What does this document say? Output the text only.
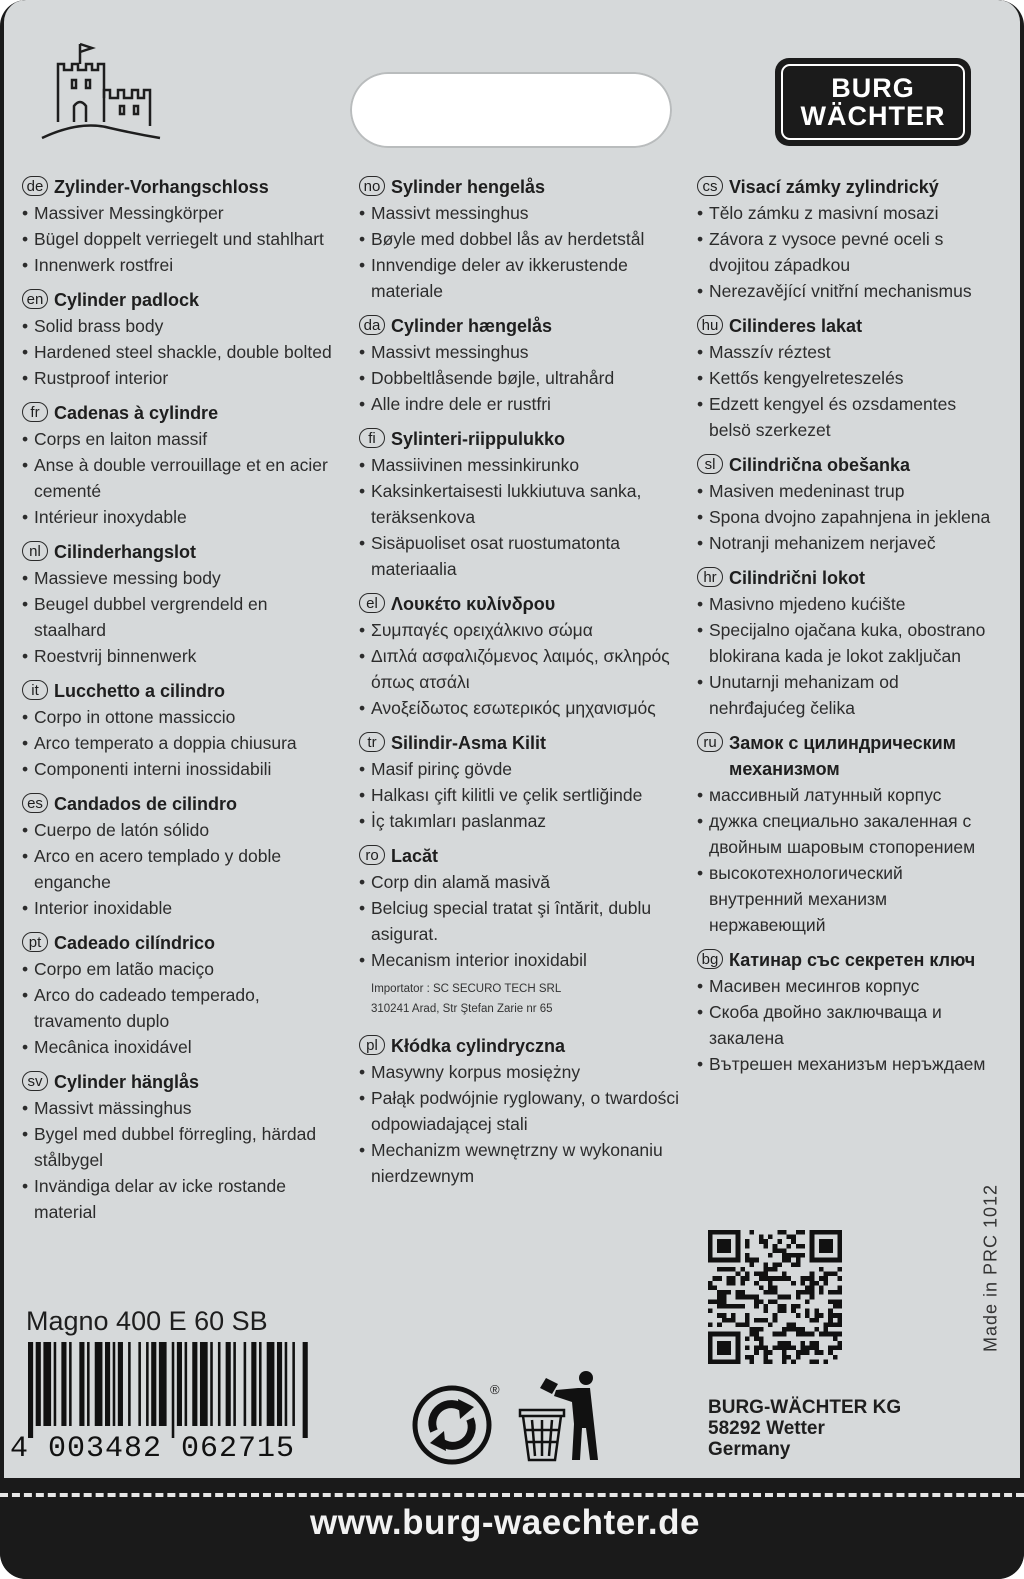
BURG
WÄCHTER
de Zylinder-Vorhangschloss
• Massiver Messingkörper
• Bügel doppelt verriegelt und stahlhart
• Innenwerk rostfrei
en Cylinder padlock
• Solid brass body
• Hardened steel shackle, double bolted
• Rustproof interior
fr Cadenas à cylindre
• Corps en laiton massif
• Anse à double verrouillage et en acier cementé
• Intérieur inoxydable
nl Cilinderhangslot
• Massieve messing body
• Beugel dubbel vergrendeld en staalhard
• Roestvrij binnenwerk
it Lucchetto a cilindro
• Corpo in ottone massiccio
• Arco temperato a doppia chiusura
• Componenti interni inossidabili
es Candados de cilindro
• Cuerpo de latón sólido
• Arco en acero templado y doble enganche
• Interior inoxidable
pt Cadeado cilíndrico
• Corpo em latão maciço
• Arco do cadeado temperado, travamento duplo
• Mecânica inoxidável
sv Cylinder hänglås
• Massivt mässinghus
• Bygel med dubbel förregling, härdad stålbygel
• Invändiga delar av icke rostande material
no Sylinder hengelås
• Massivt messinghus
• Bøyle med dobbel lås av herdetstål
• Innvendige deler av ikkerustende materiale
da Cylinder hængelås
• Massivt messinghus
• Dobbeltlåsende bøjle, ultrahård
• Alle indre dele er rustfri
fi Sylinteri-riippulukko
• Massiivinen messinkirunko
• Kaksinkertaisesti lukkiutuva sanka, teräksenkova
• Sisäpuoliset osat ruostumatonta materiaalia
el Λουκέτο κυλίνδρου
• Συμπαγές ορειχάλκινο σώμα
• Διπλά ασφαλιζόμενος λαιμός, σκληρός όπως ατσάλι
• Ανοξείδωτος εσωτερικός μηχανισμός
tr Silindir-Asma Kilit
• Masif pirinç gövde
• Halkası çift kilitli ve çelik sertliğinde
• İç takımları paslanmaz
ro Lacăt
• Corp din alamă masivă
• Belciug special tratat şi întărit, dublu asigurat.
• Mecanism interior inoxidabil
Importator : SC SECURO TECH SRL
310241 Arad, Str Ştefan Zarie nr 65
pl Kłódka cylindryczna
• Masywny korpus mosiężny
• Pałąk podwójnie ryglowany, o twardości odpowiadającej stali
• Mechanizm wewnętrzny w wykonaniu nierdzewnym
cs Visací zámky zylindrický
• Tělo zámku z masivní mosazi
• Závora z vysoce pevné oceli s dvojitou západkou
• Nerezavějící vnitřní mechanismus
hu Cilinderes lakat
• Masszív réztest
• Kettős kengyelreteszelés
• Edzett kengyel és ozsdamentes belsö szerkezet
sl Cilindrična obešanka
• Masiven medeninast trup
• Spona dvojno zapahnjena in jeklena
• Notranji mehanizem nerjaveč
hr Cilindrični lokot
• Masivno mjedeno kućište
• Specijalno ojačana kuka, obostrano blokirana kada je lokot zaključan
• Unutarnji mehanizam od nehrđajućeg čelika
ru Замок с цилиндрическим механизмом
• массивный латунный корпус
• дужка специально закаленная с двойным шаровым стопорением
• высокотехнологический внутренний механизм нержавеющий
bg Катинар със секретен ключ
• Масивен месингов корпус
• Скоба двойно заключваща и закалена
• Вътрешен механизъм неръждаем
Magno 400 E 60 SB
4 003482 062715
®
Made in PRC 1012
BURG-WÄCHTER KG
58292 Wetter
Germany
www.burg-waechter.de
